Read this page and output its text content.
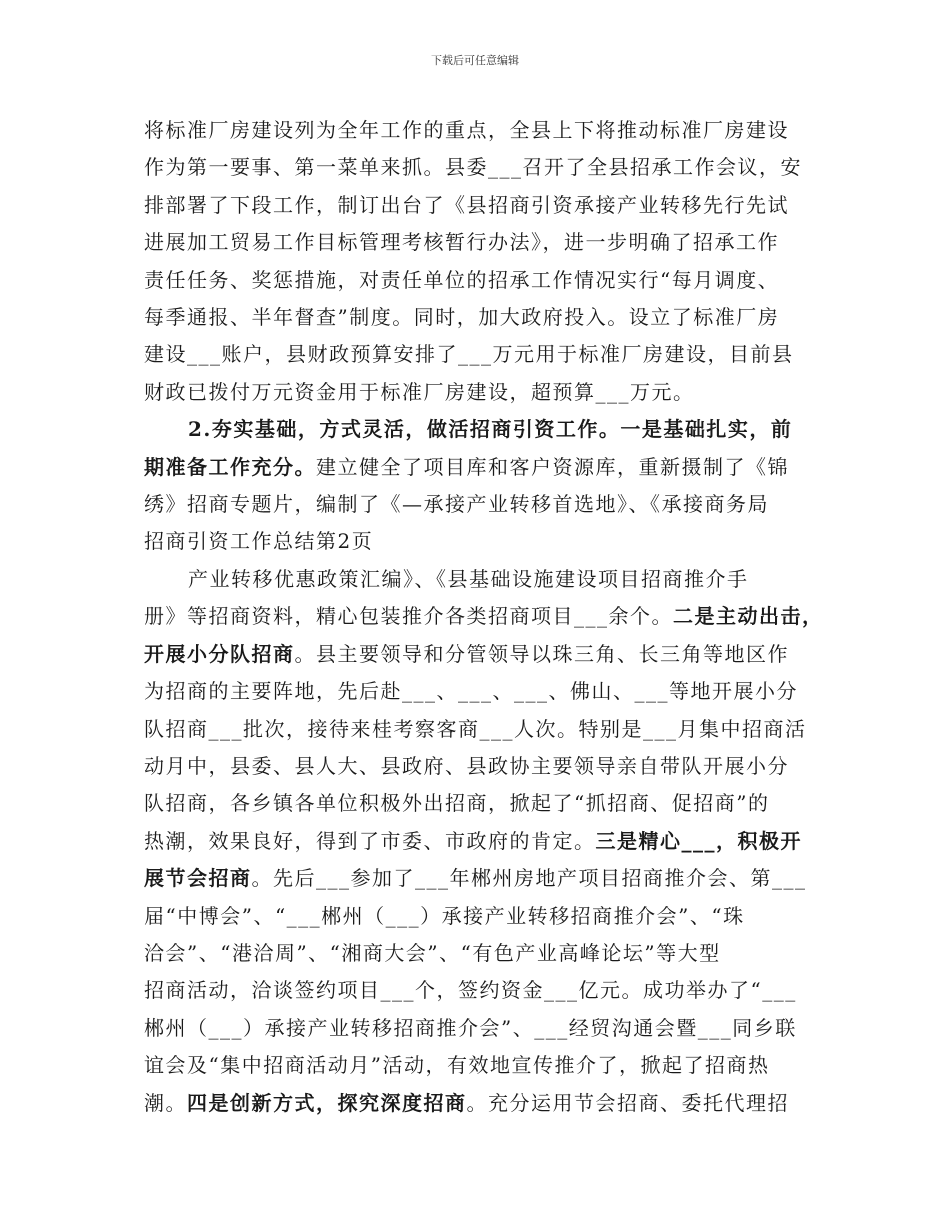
下载后可任意编辑

将标准厂房建设列为全年工作的重点，全县上下将推动标准厂房建设
作为第一要事、第一菜单来抓。县委___召开了全县招承工作会议，安
排部署了下段工作，制订出台了《县招商引资承接产业转移先行先试
进展加工贸易工作目标管理考核暂行办法》，进一步明确了招承工作
责任任务、奖惩措施，对责任单位的招承工作情况实行“每月调度、
每季通报、半年督查”制度。同时，加大政府投入。设立了标准厂房
建设___账户，县财政预算安排了___万元用于标准厂房建设，目前县
财政已拨付万元资金用于标准厂房建设，超预算___万元。

2.夯实基础，方式灵活，做活招商引资工作。一是基础扎实，前
期准备工作充分。建立健全了项目库和客户资源库，重新摄制了《锦
绣》招商专题片，编制了《—承接产业转移首选地》、《承接商务局
招商引资工作总结第2页

产业转移优惠政策汇编》、《县基础设施建设项目招商推介手
册》等招商资料，精心包装推介各类招商项目___余个。二是主动出击，
开展小分队招商。县主要领导和分管领导以珠三角、长三角等地区作
为招商的主要阵地，先后赴___、___、___、佛山、___等地开展小分
队招商___批次，接待来桂考察客商___人次。特别是___月集中招商活
动月中，县委、县人大、县政府、县政协主要领导亲自带队开展小分
队招商，各乡镇各单位积极外出招商，掀起了“抓招商、促招商”的
热潮，效果良好，得到了市委、市政府的肯定。三是精心___，积极开
展节会招商。先后___参加了___年郴州房地产项目招商推介会、第___
届“中博会”、“___郴州（___）承接产业转移招商推介会”、“珠
洽会”、“港洽周”、“湘商大会”、“有色产业高峰论坛”等大型
招商活动，洽谈签约项目___个，签约资金___亿元。成功举办了“___
郴州（___）承接产业转移招商推介会”、___经贸沟通会暨___同乡联
谊会及“集中招商活动月”活动，有效地宣传推介了，掀起了招商热
潮。四是创新方式，探究深度招商。充分运用节会招商、委托代理招
